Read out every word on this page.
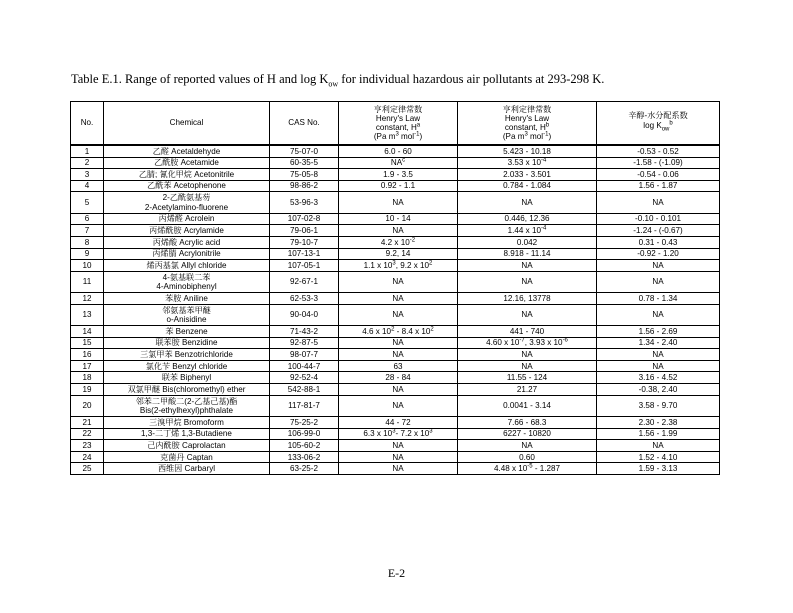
Table E.1. Range of reported values of H and $\log K_{ow}$ for individual hazardous air pollutants at 293-298 K.
No.	Chemical	CAS No.	亨利定律常数
Henry's Law
constant, $H^a$
(Pa $m^3$ mol$^{-1}$)	亨利定律常数
Henry's Law
constant, $H^b$
(Pa $m^3$ mol$^{-1}$)	辛醇-水分配系数
$\log K_{ow}^b$

1	乙醛 Acetaldehyde	75-07-0	6.0 - 60	5.423 - 10.18	-0.53 - 0.52
2	乙酰胺 Acetamide	60-35-5	$NA^c$	3.53 x $10^{-4}$	-1.58 - (-1.09)
3	乙腈; 氰化甲烷 Acetonitrile	75-05-8	1.9 - 3.5	2.033 - 3.501	-0.54 - 0.06
4	乙酰苯 Acetophenone	98-86-2	0.92 - 1.1	0.784 - 1.084	1.56 - 1.87
5	2-乙酰氨基芴
2-Acetylamino-fluorene	53-96-3	NA	NA	NA
6	丙烯醛 Acrolein	107-02-8	10 - 14	0.446, 12.36	-0.10 - 0.101
7	丙烯酰胺 Acrylamide	79-06-1	NA	1.44 x $10^{-4}$	-1.24 - (-0.67)
8	丙烯酸 Acrylic acid	79-10-7	4.2 x $10^{-2}$	0.042	0.31 - 0.43
9	丙烯腈 Acrylonitrile	107-13-1	9.2, 14	8.918 - 11.14	-0.92 - 1.20
10	烯丙基氯 Allyl chloride	107-05-1	1.1 x $10^3$, 9.2 x $10^2$	NA	NA
11	4-氨基联二苯
4-Aminobiphenyl	92-67-1	NA	NA	NA
12	苯胺 Aniline	62-53-3	NA	12.16, 13778	0.78 - 1.34
13	邻氨基苯甲醚
o-Anisidine	90-04-0	NA	NA	NA
14	苯 Benzene	71-43-2	4.6 x $10^2 - 8.4$ x $10^2$	441 - 740	1.56 - 2.69
15	联苯胺 Benzidine	92-87-5	NA	4.60 x $10^{-7}$, 3.93 x $10^{-6}$	1.34 - 2.40
16	三氯甲苯 Benzotrichloride	98-07-7	NA	NA	NA
17	氯化苄 Benzyl chloride	100-44-7	63	NA	NA
18	联苯 Biphenyl	92-52-4	28 - 84	11.55 - 124	3.16 - 4.52
19	双氯甲醚 Bis(chloromethyl) ether	542-88-1	NA	21.27	-0.38, 2.40
20	邻苯二甲酸二(2-乙基己基)酯
Bis(2-ethylhexyl)phthalate	117-81-7	NA	0.0041 - 3.14	3.58 - 9.70
21	三溴甲烷 Bromoform	75-25-2	44 - 72	7.66 - 68.3	2.30 - 2.38
22	1,3-二丁烯 1,3-Butadiene	106-99-0	6.3 x $10^3-$ 7.2 x $10^3$	6227 - 10820	1.56 - 1.99
23	己内酰胺 Caprolactan	105-60-2	NA	NA	NA
24	克菌丹 Captan	133-06-2	NA	0.60	1.52 - 4.10
25	西维因 Carbaryl	63-25-2	NA	4.48 x $10^{-5} - 1.287$	1.59 - 3.13
E-2
